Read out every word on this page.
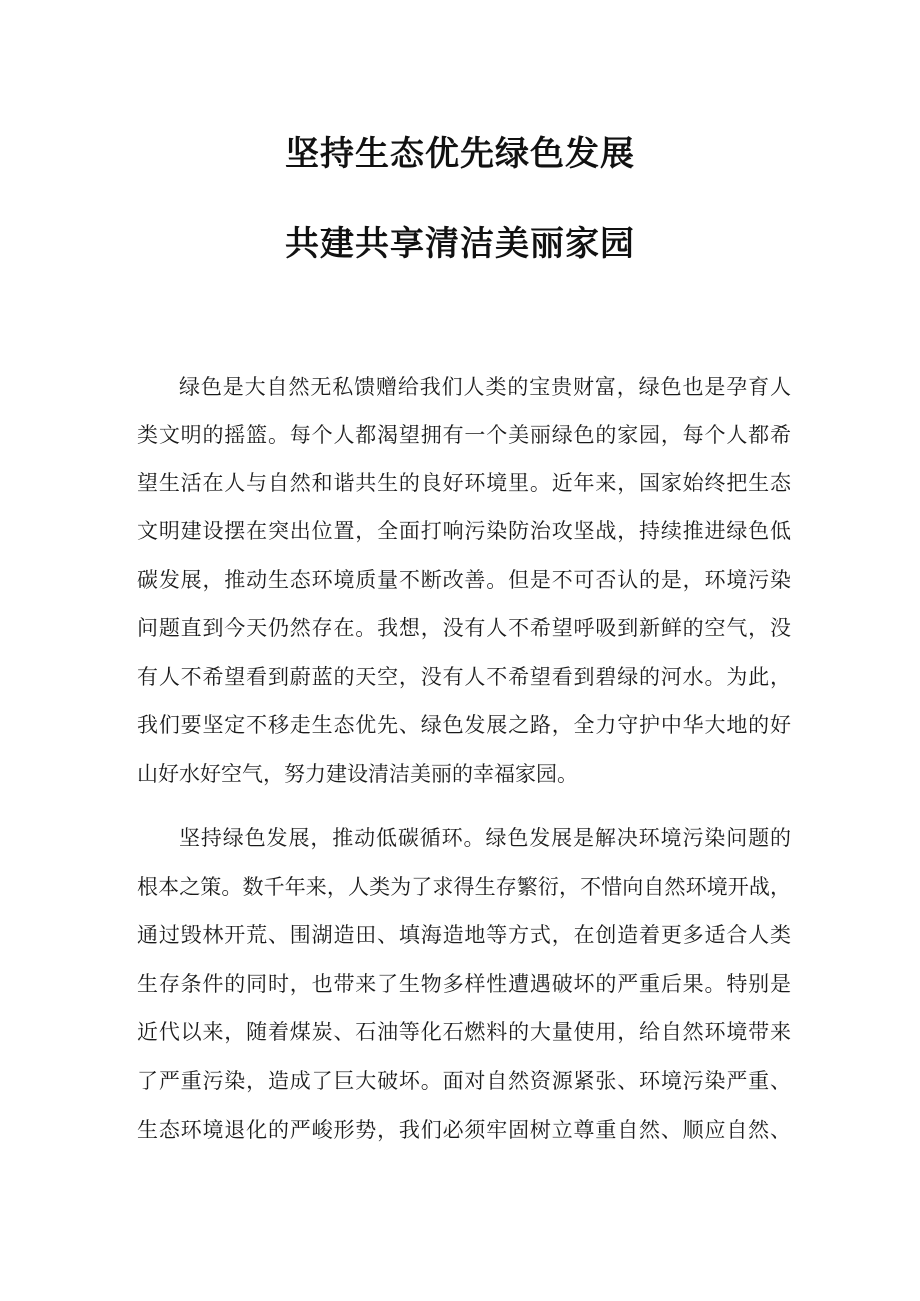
坚持生态优先绿色发展
共建共享清洁美丽家园
绿色是大自然无私馈赠给我们人类的宝贵财富，绿色也是孕育人
类文明的摇篮。每个人都渴望拥有一个美丽绿色的家园，每个人都希
望生活在人与自然和谐共生的良好环境里。近年来，国家始终把生态
文明建设摆在突出位置，全面打响污染防治攻坚战，持续推进绿色低
碳发展，推动生态环境质量不断改善。但是不可否认的是，环境污染
问题直到今天仍然存在。我想，没有人不希望呼吸到新鲜的空气，没
有人不希望看到蔚蓝的天空，没有人不希望看到碧绿的河水。为此，
我们要坚定不移走生态优先、绿色发展之路，全力守护中华大地的好
山好水好空气，努力建设清洁美丽的幸福家园。
坚持绿色发展，推动低碳循环。绿色发展是解决环境污染问题的
根本之策。数千年来，人类为了求得生存繁衍，不惜向自然环境开战，
通过毁林开荒、围湖造田、填海造地等方式，在创造着更多适合人类
生存条件的同时，也带来了生物多样性遭遇破坏的严重后果。特别是
近代以来，随着煤炭、石油等化石燃料的大量使用，给自然环境带来
了严重污染，造成了巨大破坏。面对自然资源紧张、环境污染严重、
生态环境退化的严峻形势，我们必须牢固树立尊重自然、顺应自然、
